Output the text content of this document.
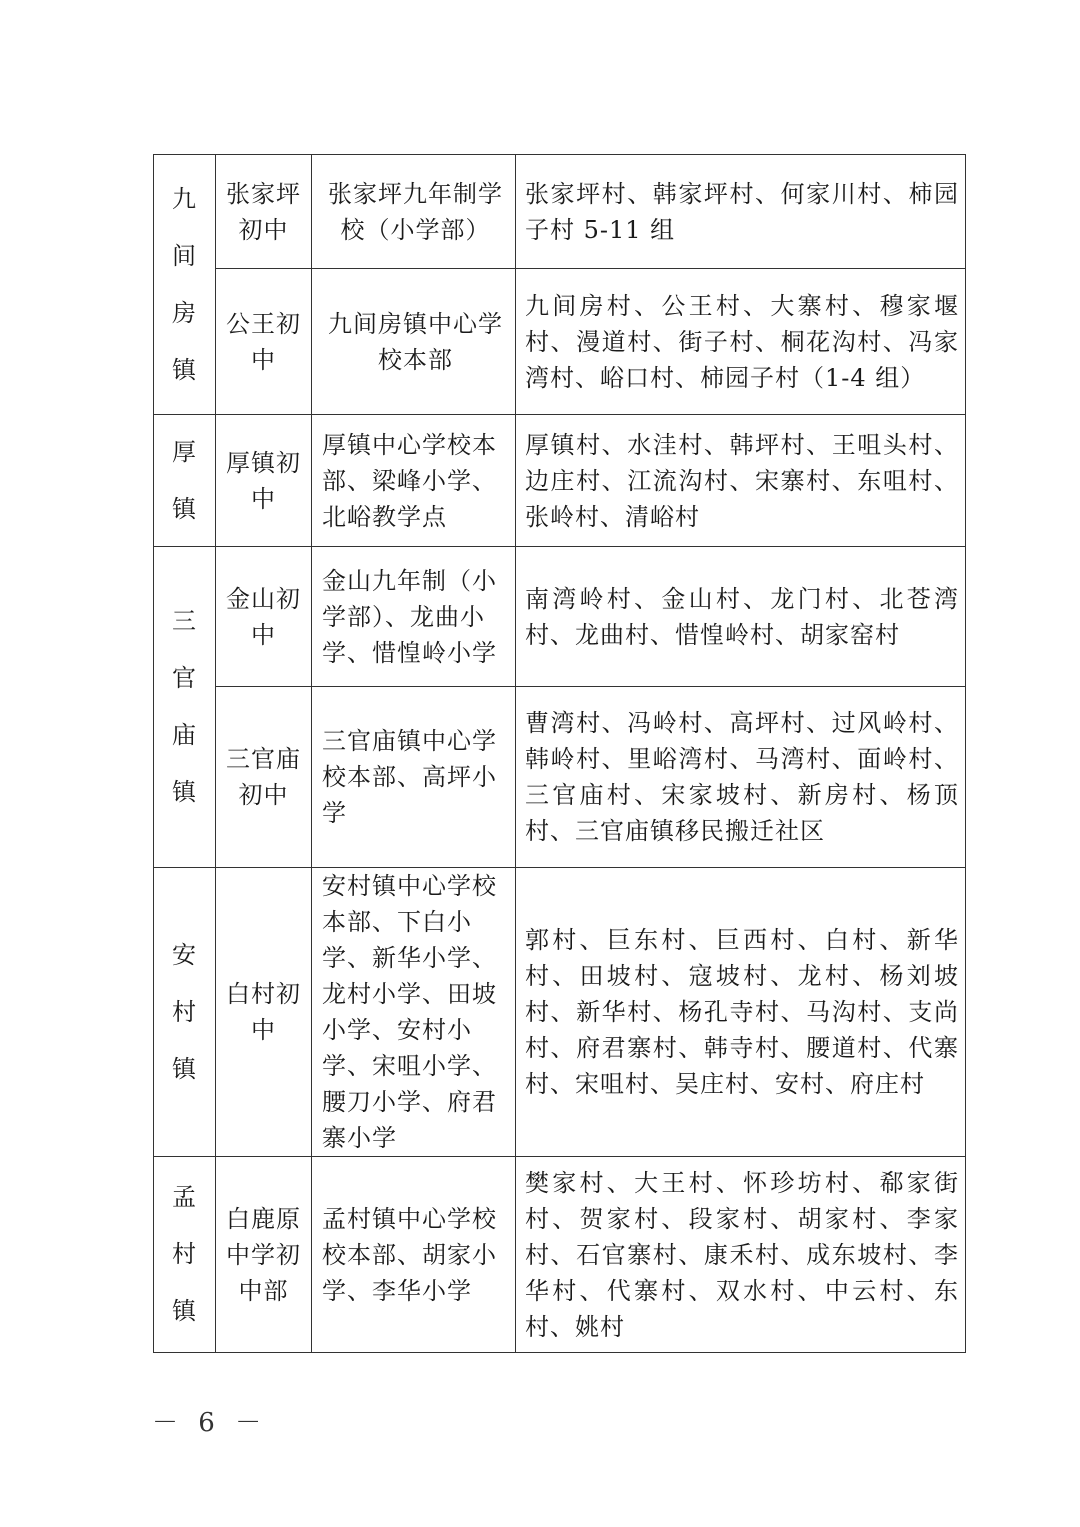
九间房镇	张家坪初中	张家坪九年制学校（小学部）	张家坪村、韩家坪村、何家川村、柿园子村 5-11 组
	公王初中	九间房镇中心学校本部	九间房村、公王村、大寨村、穆家堰村、漫道村、街子村、桐花沟村、冯家湾村、峪口村、柿园子村（1-4 组）
厚镇	厚镇初中	厚镇中心学校本部、梁峰小学、北峪教学点	厚镇村、水洼村、韩坪村、王咀头村、边庄村、江流沟村、宋寨村、东咀村、张岭村、清峪村
三官庙镇	金山初中	金山九年制（小学部）、龙曲小学、惜惶岭小学	南湾岭村、金山村、龙门村、北苍湾村、龙曲村、惜惶岭村、胡家窑村
	三官庙初中	三官庙镇中心学校本部、高坪小学	曹湾村、冯岭村、高坪村、过风岭村、韩岭村、里峪湾村、马湾村、面岭村、三官庙村、宋家坡村、新房村、杨顶村、三官庙镇移民搬迁社区
安村镇	白村初中	安村镇中心学校本部、下白小学、新华小学、龙村小学、田坡小学、安村小学、宋咀小学、腰刀小学、府君寨小学	郭村、巨东村、巨西村、白村、新华村、田坡村、寇坡村、龙村、杨刘坡村、新华村、杨孔寺村、马沟村、支尚村、府君寨村、韩寺村、腰道村、代寨村、宋咀村、吴庄村、安村、府庄村
孟村镇	白鹿原中学初中部	孟村镇中心学校校本部、胡家小学、李华小学	樊家村、大王村、怀珍坊村、郗家街村、贺家村、段家村、胡家村、李家村、石官寨村、康禾村、成东坡村、李华村、代寨村、双水村、中云村、东村、姚村
－ 6 －
